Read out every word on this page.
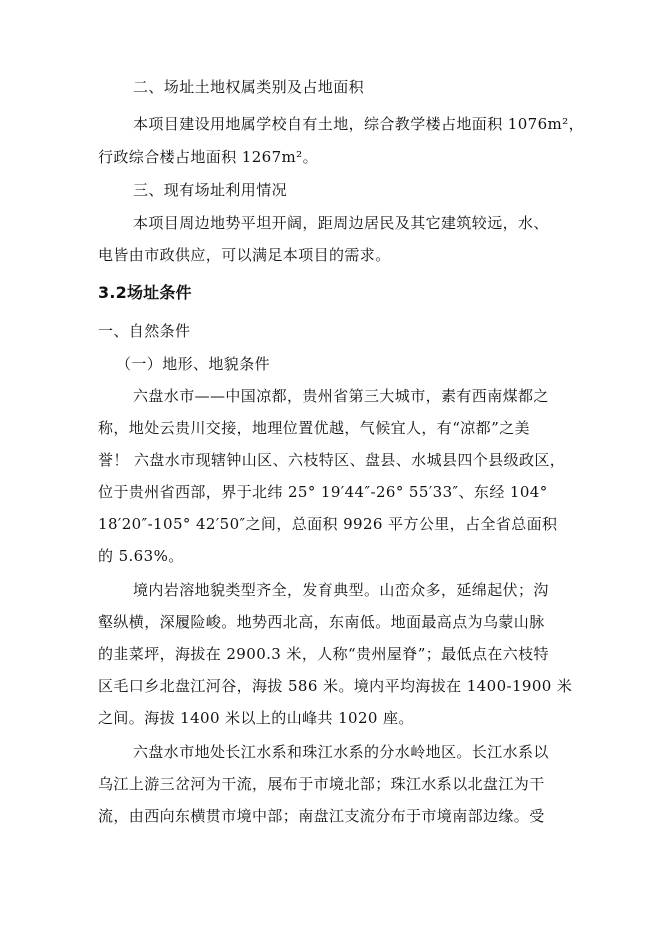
二、场址土地权属类别及占地面积
本项目建设用地属学校自有土地，综合教学楼占地面积 1076m²，
行政综合楼占地面积 1267m²。
三、现有场址利用情况
本项目周边地势平坦开阔，距周边居民及其它建筑较远，水、
电皆由市政供应，可以满足本项目的需求。
3.2场址条件
一、自然条件
（一）地形、地貌条件
六盘水市——中国凉都，贵州省第三大城市，素有西南煤都之
称，地处云贵川交接，地理位置优越，气候宜人，有“凉都”之美
誉！ 六盘水市现辖钟山区、六枝特区、盘县、水城县四个县级政区，
位于贵州省西部，界于北纬 25° 19′44″-26° 55′33″、东经 104°
18′20″-105° 42′50″之间，总面积 9926 平方公里，占全省总面积
的 5.63%。
境内岩溶地貌类型齐全，发育典型。山峦众多，延绵起伏；沟
壑纵横，深履险峻。地势西北高，东南低。地面最高点为乌蒙山脉
的韭菜坪，海拔在 2900.3 米，人称“贵州屋脊”；最低点在六枝特
区毛口乡北盘江河谷，海拔 586 米。境内平均海拔在 1400-1900 米
之间。海拔 1400 米以上的山峰共 1020 座。
六盘水市地处长江水系和珠江水系的分水岭地区。长江水系以
乌江上游三岔河为干流，展布于市境北部；珠江水系以北盘江为干
流，由西向东横贯市境中部；南盘江支流分布于市境南部边缘。受
